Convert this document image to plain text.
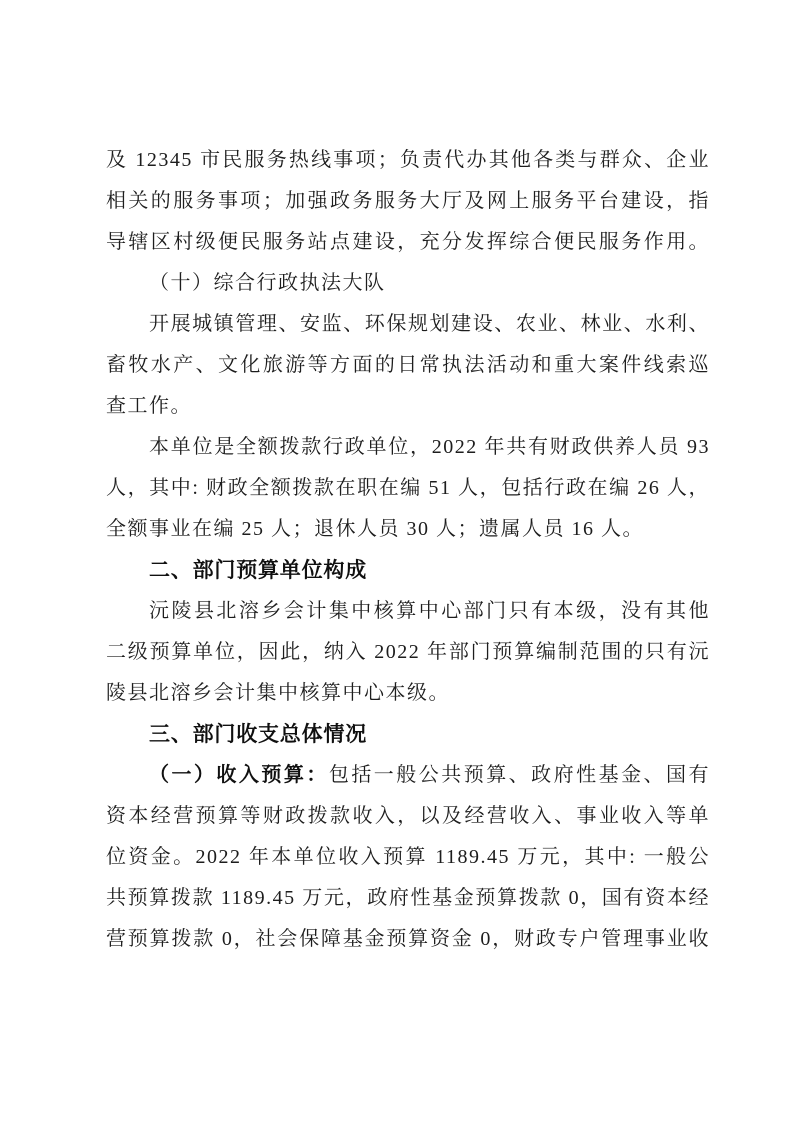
及 12345 市民服务热线事项；负责代办其他各类与群众、企业
相关的服务事项；加强政务服务大厅及网上服务平台建设，指
导辖区村级便民服务站点建设，充分发挥综合便民服务作用。
（十）综合行政执法大队
开展城镇管理、安监、环保规划建设、农业、林业、水利、
畜牧水产、文化旅游等方面的日常执法活动和重大案件线索巡
查工作。
本单位是全额拨款行政单位，2022 年共有财政供养人员 93
人，其中: 财政全额拨款在职在编 51 人，包括行政在编 26 人，
全额事业在编 25 人；退休人员 30 人；遗属人员 16 人。
二、部门预算单位构成
沅陵县北溶乡会计集中核算中心部门只有本级，没有其他
二级预算单位，因此，纳入 2022 年部门预算编制范围的只有沅
陵县北溶乡会计集中核算中心本级。
三、部门收支总体情况
（一）收入预算：包括一般公共预算、政府性基金、国有
资本经营预算等财政拨款收入，以及经营收入、事业收入等单
位资金。2022 年本单位收入预算 1189.45 万元，其中: 一般公
共预算拨款 1189.45 万元，政府性基金预算拨款 0，国有资本经
营预算拨款 0，社会保障基金预算资金 0，财政专户管理事业收
